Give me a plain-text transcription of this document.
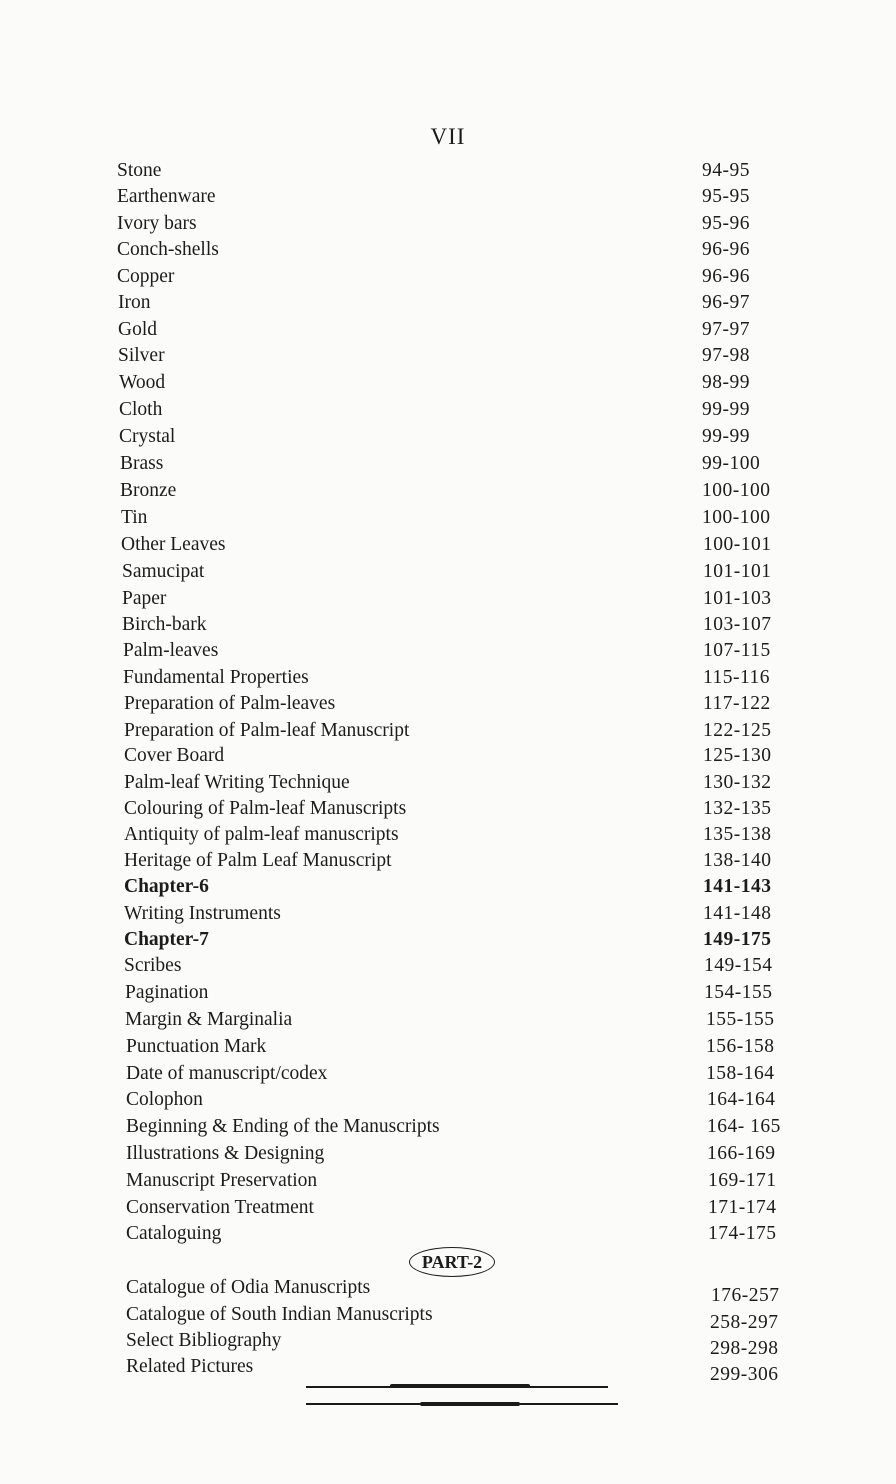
VII
Stone	94-95
Earthenware	95-95
Ivory bars	95-96
Conch-shells	96-96
Copper	96-96
Iron	96-97
Gold	97-97
Silver	97-98
Wood	98-99
Cloth	99-99
Crystal	99-99
Brass	99-100
Bronze	100-100
Tin	100-100
Other Leaves	100-101
Samucipat	101-101
Paper	101-103
Birch-bark	103-107
Palm-leaves	107-115
Fundamental Properties	115-116
Preparation of Palm-leaves	117-122
Preparation of Palm-leaf Manuscript	122-125
Cover Board	125-130
Palm-leaf Writing Technique	130-132
Colouring of Palm-leaf Manuscripts	132-135
Antiquity of palm-leaf manuscripts	135-138
Heritage of Palm Leaf Manuscript	138-140
Chapter-6	141-143
Writing Instruments	141-148
Chapter-7	149-175
Scribes	149-154
Pagination	154-155
Margin & Marginalia	155-155
Punctuation Mark	156-158
Date of manuscript/codex	158-164
Colophon	164-164
Beginning & Ending of the Manuscripts	164- 165
Illustrations & Designing	166-169
Manuscript Preservation	169-171
Conservation Treatment	171-174
Cataloguing	174-175
PART-2
Catalogue of Odia Manuscripts	176-257
Catalogue of South Indian Manuscripts	258-297
Select Bibliography	298-298
Related Pictures	299-306
